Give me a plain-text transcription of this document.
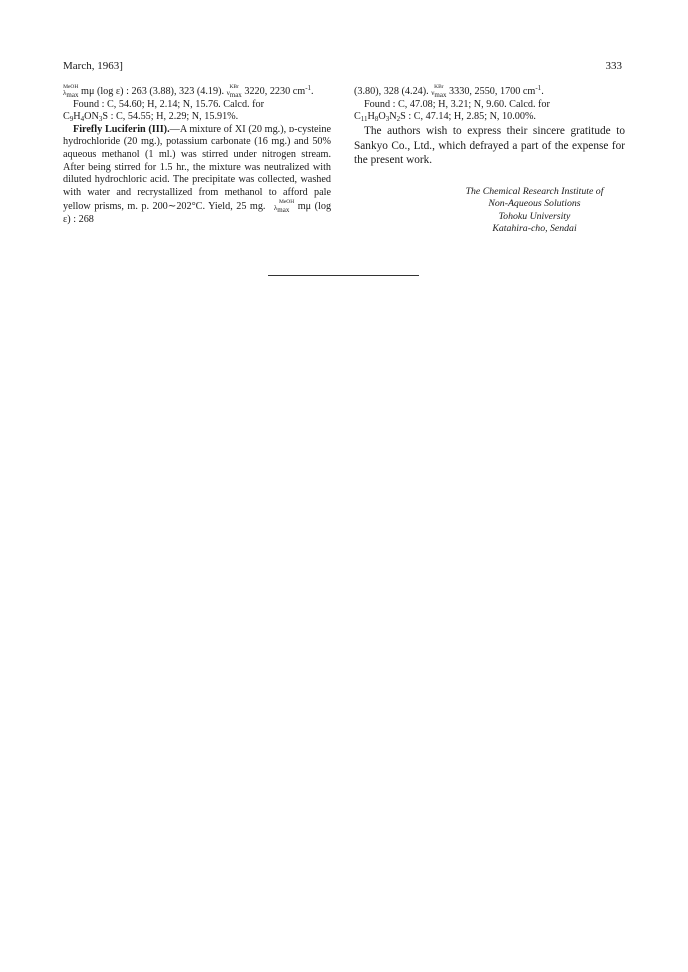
March, 1963]	333

MeOH
$\lambda_{max}$ mμ (log ε) : 263 (3.88), 323 (4.19). KBr
$\nu_{max}$ 3220, 2230 $cm^{-1}$.

Found : C, 54.60; H, 2.14; N, 15.76. Calcd. for

$C_9H_4ON_3S$ : C, 54.55; H, 2.29; N, 15.91%.

Firefly Luciferin (III).—A mixture of XI (20 mg.), ᴅ-cysteine hydrochloride (20 mg.), potassium carbonate (16 mg.) and 50% aqueous methanol (1 ml.) was stirred under nitrogen stream. After being stirred for 1.5 hr., the mixture was neutralized with diluted hydrochloric acid. The precipitate was collected, washed with water and recrystallized from methanol to afford pale yellow prisms, m. p. 200∼202°C. Yield, 25 mg.	MeOH
$\lambda_{max}$ mμ (log ε) : 268

(3.80), 328 (4.24). KBr
$\nu_{max}$ 3330, 2550, 1700 $cm^{-1}$.

Found : C, 47.08; H, 3.21; N, 9.60. Calcd. for

$C_{11}H_8O_3N_2S$ : C, 47.14; H, 2.85; N, 10.00%.

The authors wish to express their sincere gratitude to Sankyo Co., Ltd., which defrayed a part of the expense for the present work.

The Chemical Research Institute of
Non-Aqueous Solutions
Tohoku University
Katahira-cho, Sendai
